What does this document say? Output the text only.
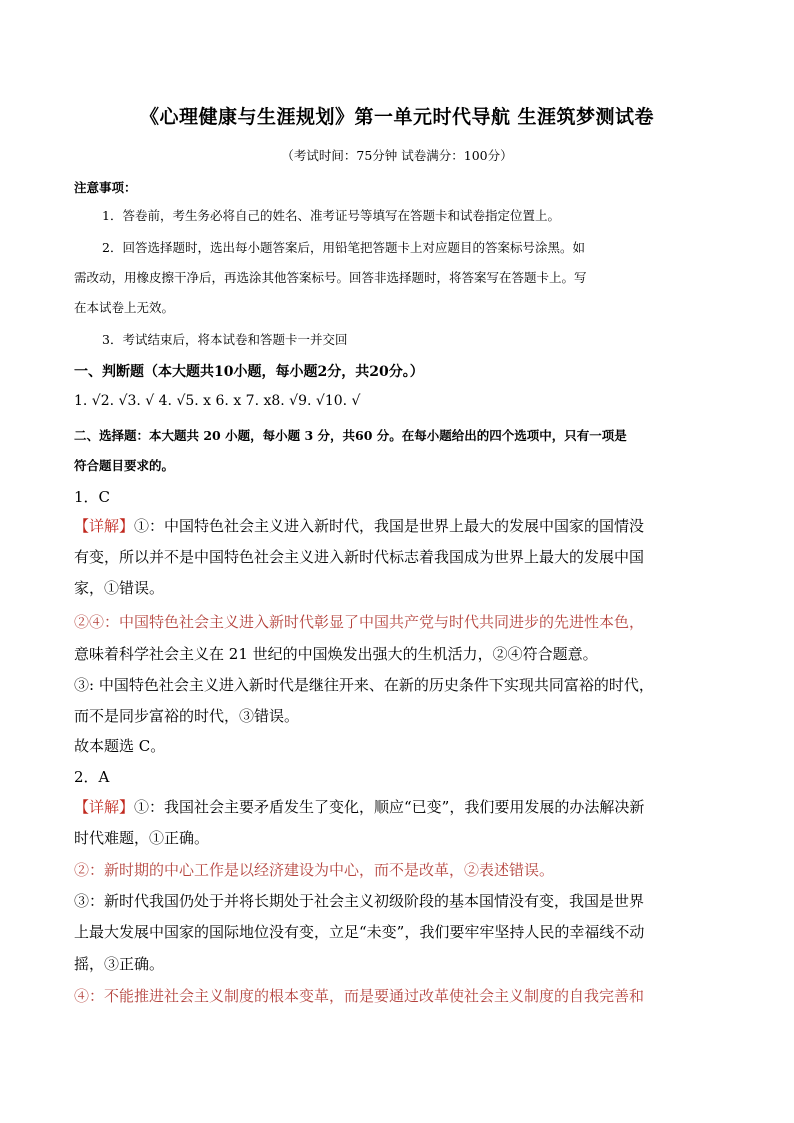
《心理健康与生涯规划》第一单元时代导航 生涯筑梦测试卷
（考试时间：75分钟 试卷满分：100分）
注意事项：
1．答卷前，考生务必将自己的姓名、准考证号等填写在答题卡和试卷指定位置上。
2．回答选择题时，选出每小题答案后，用铅笔把答题卡上对应题目的答案标号涂黑。如
需改动，用橡皮擦干净后，再选涂其他答案标号。回答非选择题时，将答案写在答题卡上。写
在本试卷上无效。
3．考试结束后，将本试卷和答题卡一并交回
一、判断题（本大题共10小题，每小题2分，共20分。）
1. √2. √3. √ 4. √5. x 6. x 7. x8. √9. √10. √
二、选择题：本大题共 20 小题，每小题 3 分，共60 分。在每小题给出的四个选项中，只有一项是
符合题目要求的。
1．C
【详解】①：中国特色社会主义进入新时代，我国是世界上最大的发展中国家的国情没
有变，所以并不是中国特色社会主义进入新时代标志着我国成为世界上最大的发展中国
家，①错误。
②④：中国特色社会主义进入新时代彰显了中国共产党与时代共同进步的先进性本色，
意味着科学社会主义在 21 世纪的中国焕发出强大的生机活力，②④符合题意。
③: 中国特色社会主义进入新时代是继往开来、在新的历史条件下实现共同富裕的时代，
而不是同步富裕的时代，③错误。
故本题选 C。
2．A
【详解】①：我国社会主要矛盾发生了变化，顺应“已变”，我们要用发展的办法解决新
时代难题，①正确。
②：新时期的中心工作是以经济建设为中心，而不是改革，②表述错误。
③：新时代我国仍处于并将长期处于社会主义初级阶段的基本国情没有变，我国是世界
上最大发展中国家的国际地位没有变，立足“未变”，我们要牢牢坚持人民的幸福线不动
摇，③正确。
④：不能推进社会主义制度的根本变革，而是要通过改革使社会主义制度的自我完善和
